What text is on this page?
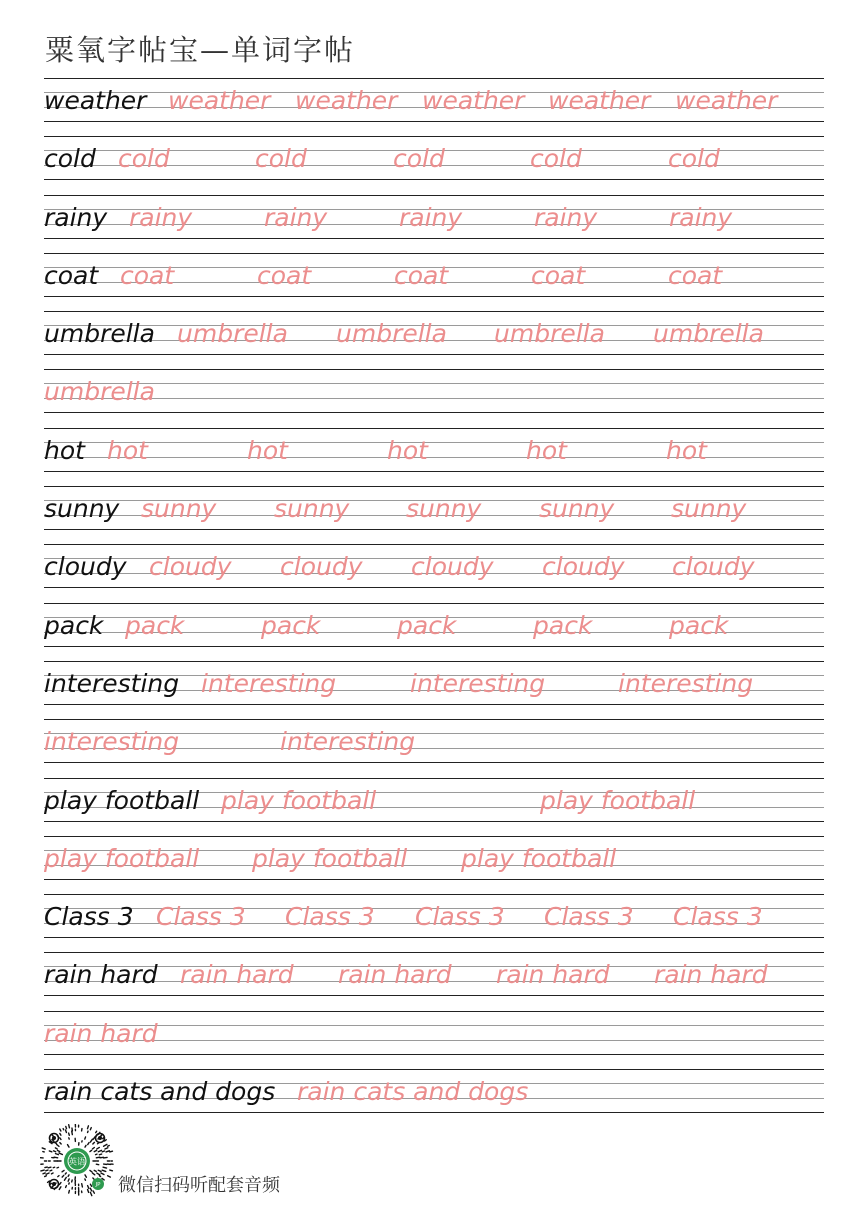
粟氧字帖宝—单词字帖
weather weather weather weather weather weather
cold cold	cold	cold	cold	cold
rainy rainy	rainy	rainy	rainy	rainy
coat coat	coat	coat	coat	coat
umbrella umbrella umbrella umbrella umbrella
umbrella
hot hot	hot	hot	hot	hot
sunny sunny sunny sunny sunny sunny
cloudy cloudy cloudy cloudy cloudy cloudy
pack pack	pack	pack	pack	pack
interesting interesting	interesting	interesting
interesting	interesting
play football play football	play football
play football play football play football
Class 3 Class 3 Class 3 Class 3 Class 3 Class 3
rain hard rain hard rain hard rain hard rain hard
rain hard
rain cats and dogs rain cats and dogs
英语
JP 微信扫码听配套音频
